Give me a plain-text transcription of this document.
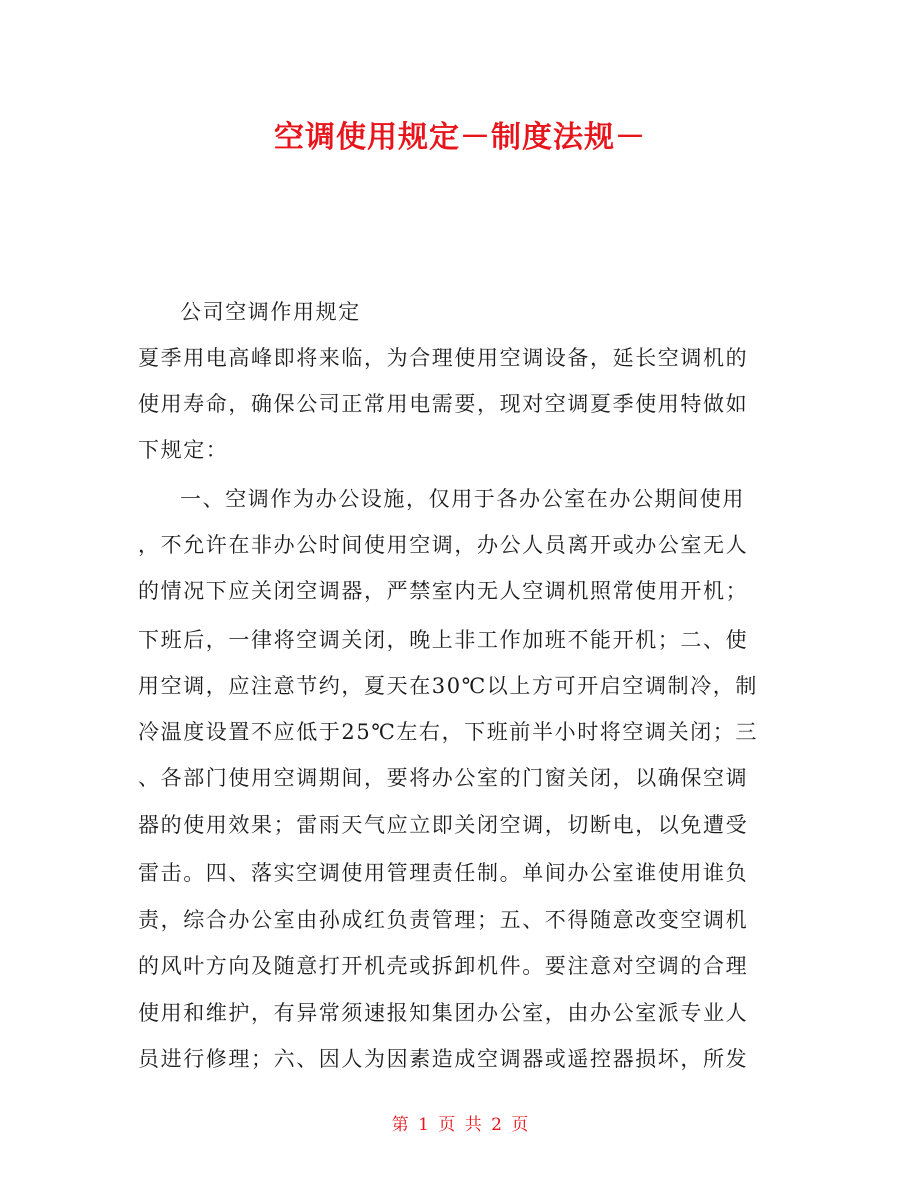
空调使用规定－制度法规－
公司空调作用规定
夏季用电高峰即将来临，为合理使用空调设备，延长空调机的
使用寿命，确保公司正常用电需要，现对空调夏季使用特做如
下规定：
一、空调作为办公设施，仅用于各办公室在办公期间使用
，不允许在非办公时间使用空调，办公人员离开或办公室无人
的情况下应关闭空调器，严禁室内无人空调机照常使用开机；
下班后，一律将空调关闭，晚上非工作加班不能开机；二、使
用空调，应注意节约，夏天在30℃以上方可开启空调制冷，制
冷温度设置不应低于25℃左右，下班前半小时将空调关闭；三
、各部门使用空调期间，要将办公室的门窗关闭，以确保空调
器的使用效果；雷雨天气应立即关闭空调，切断电，以免遭受
雷击。四、落实空调使用管理责任制。单间办公室谁使用谁负
责，综合办公室由孙成红负责管理；五、不得随意改变空调机
的风叶方向及随意打开机壳或拆卸机件。要注意对空调的合理
使用和维护，有异常须速报知集团办公室，由办公室派专业人
员进行修理；六、因人为因素造成空调器或遥控器损坏，所发
第 1 页 共 2 页
